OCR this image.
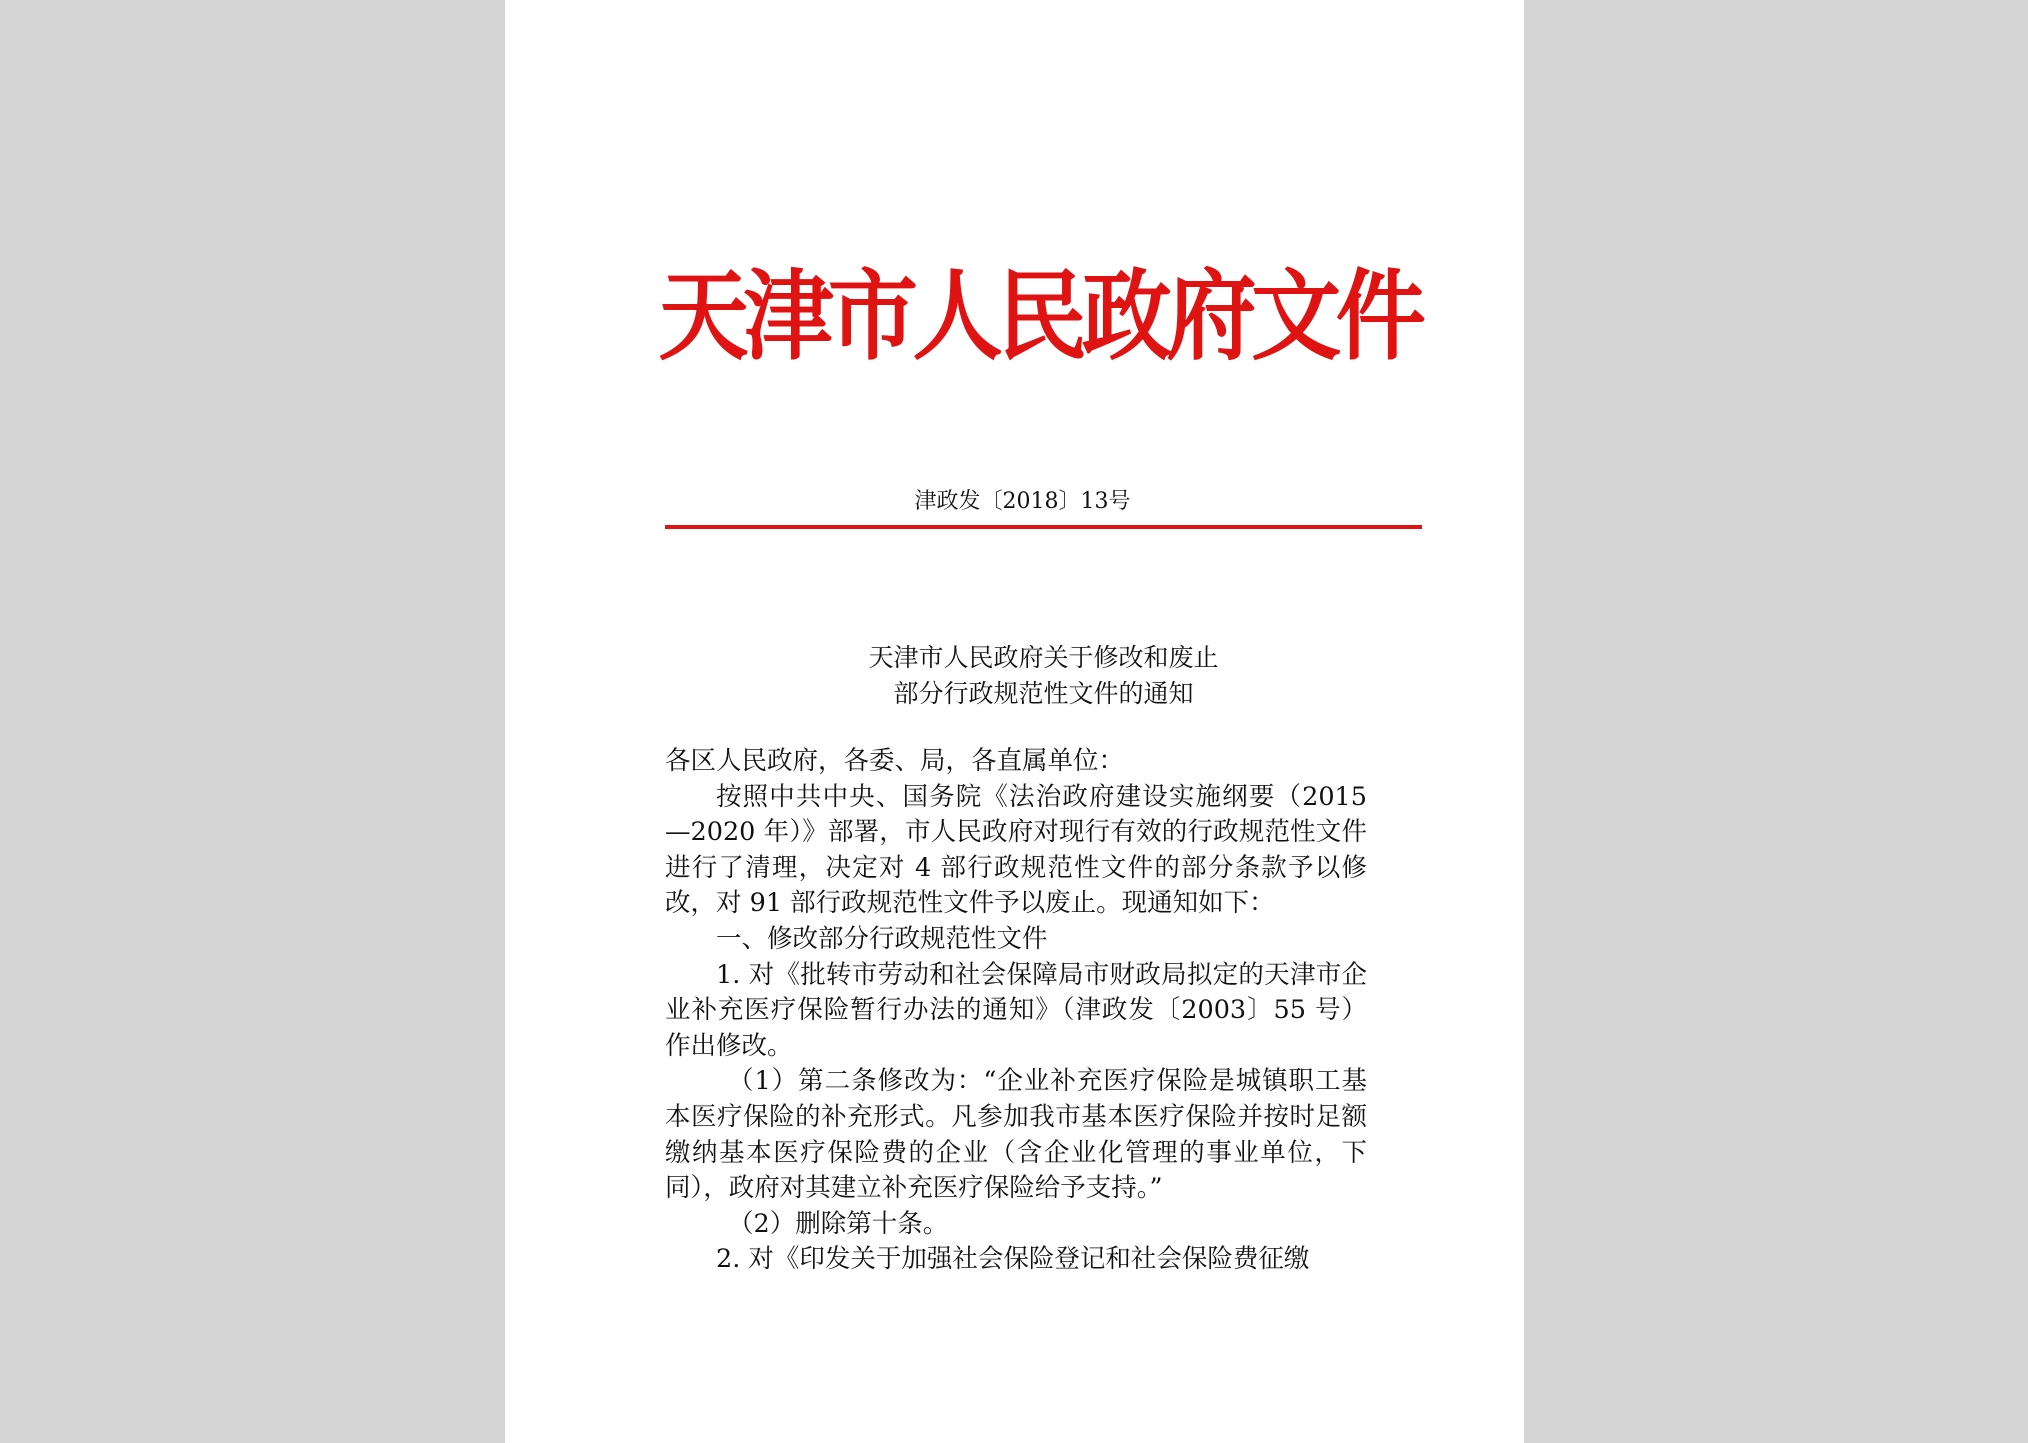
天津市人民政府文件
津政发〔2018〕13号
天津市人民政府关于修改和废止
部分行政规范性文件的通知

各区人民政府，各委、局，各直属单位：

按照中共中央、国务院《法治政府建设实施纲要（2015—2020 年）》部署，市人民政府对现行有效的行政规范性文件进行了清理，决定对 4 部行政规范性文件的部分条款予以修改，对 91 部行政规范性文件予以废止。现通知如下：

一、修改部分行政规范性文件

1. 对《批转市劳动和社会保障局市财政局拟定的天津市企业补充医疗保险暂行办法的通知》（津政发〔2003〕55 号）作出修改。

（1）第二条修改为：“企业补充医疗保险是城镇职工基本医疗保险的补充形式。凡参加我市基本医疗保险并按时足额缴纳基本医疗保险费的企业（含企业化管理的事业单位，下同），政府对其建立补充医疗保险给予支持。”

（2）删除第十条。

2. 对《印发关于加强社会保险登记和社会保险费征缴
